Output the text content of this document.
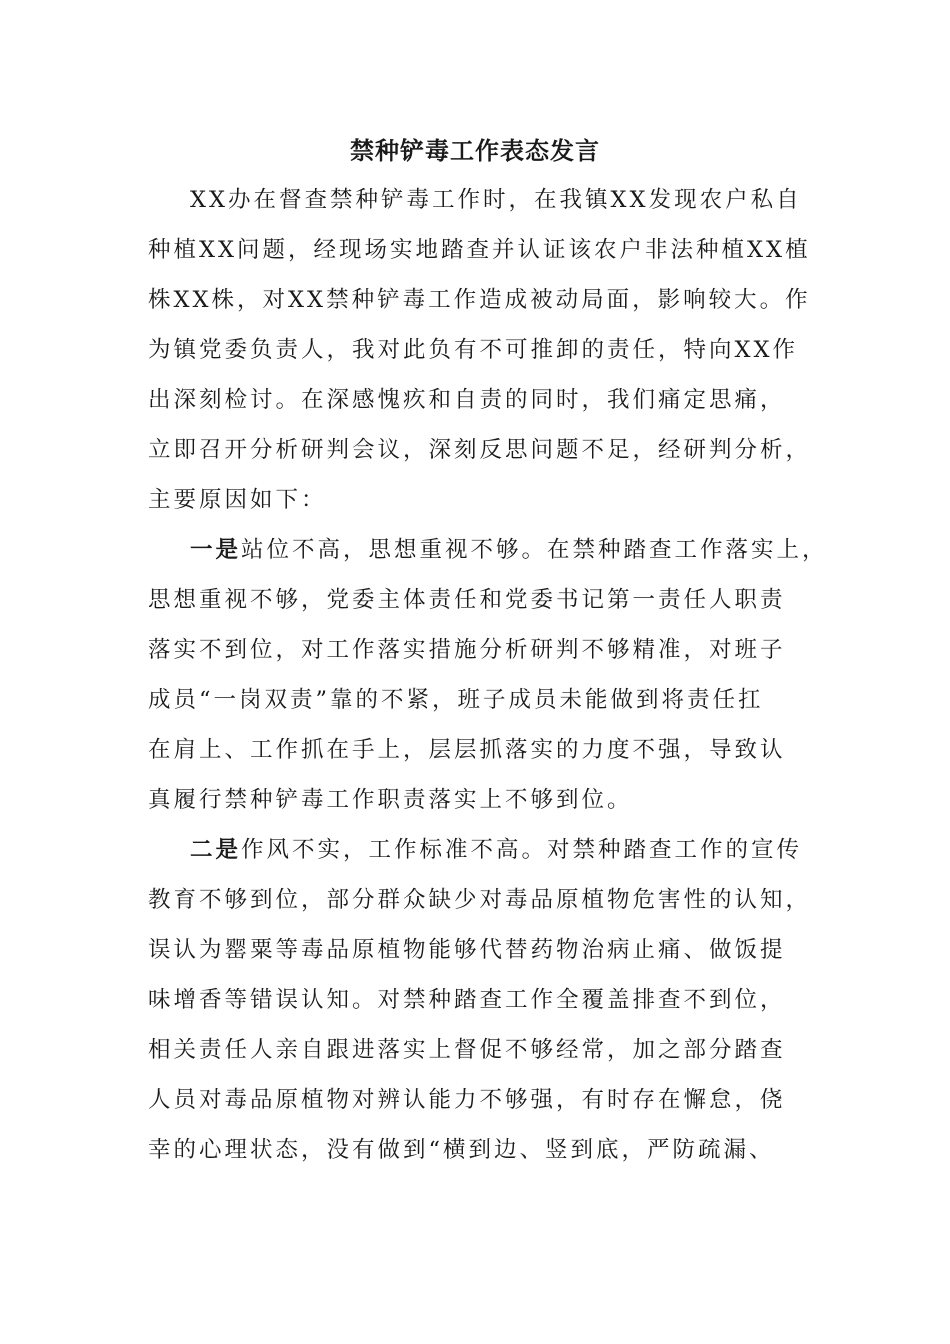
禁种铲毒工作表态发言

XX办在督查禁种铲毒工作时，在我镇XX发现农户私自

种植XX问题，经现场实地踏查并认证该农户非法种植XX植

株XX株，对XX禁种铲毒工作造成被动局面，影响较大。作

为镇党委负责人，我对此负有不可推卸的责任，特向XX作

出深刻检讨。在深感愧疚和自责的同时，我们痛定思痛，

立即召开分析研判会议，深刻反思问题不足，经研判分析，

主要原因如下：

一是站位不高，思想重视不够。在禁种踏查工作落实上，

思想重视不够，党委主体责任和党委书记第一责任人职责

落实不到位，对工作落实措施分析研判不够精准，对班子

成员“一岗双责”靠的不紧，班子成员未能做到将责任扛

在肩上、工作抓在手上，层层抓落实的力度不强，导致认

真履行禁种铲毒工作职责落实上不够到位。

二是作风不实，工作标准不高。对禁种踏查工作的宣传

教育不够到位，部分群众缺少对毒品原植物危害性的认知，

误认为罂粟等毒品原植物能够代替药物治病止痛、做饭提

味增香等错误认知。对禁种踏查工作全覆盖排查不到位，

相关责任人亲自跟进落实上督促不够经常，加之部分踏查

人员对毒品原植物对辨认能力不够强，有时存在懈怠，侥

幸的心理状态，没有做到“横到边、竖到底，严防疏漏、
